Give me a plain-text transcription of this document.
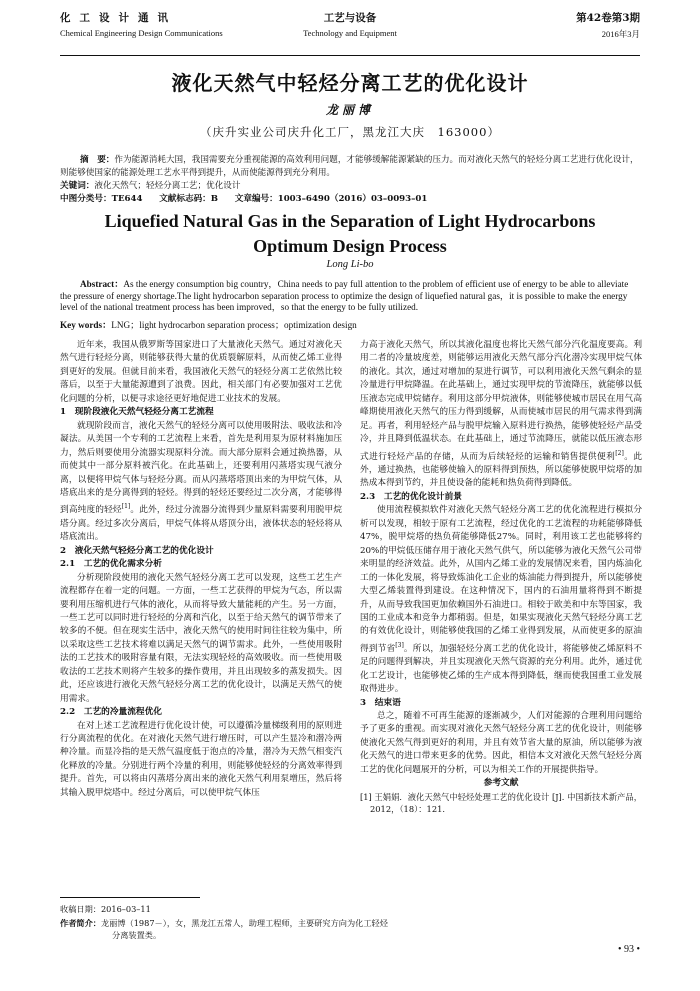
化工设计通讯
Chemical Engineering Design Communications
工艺与设备
Technology and Equipment
第42卷第3期
2016年3月
液化天然气中轻烃分离工艺的优化设计
龙丽博
（庆升实业公司庆升化工厂，黑龙江大庆　163000）
摘　要：作为能源消耗大国，我国需要充分重视能源的高效利用问题，才能够缓解能源紧缺的压力。而对液化天然气的轻烃分离工艺进行优化设计，则能够使国家的能源处理工艺水平得到提升，从而使能源得到充分利用。
关键词：液化天然气；轻烃分离工艺；优化设计
中图分类号：TE644 文献标志码：B 文章编号：1003–6490（2016）03–0093–01
Liquefied Natural Gas in the Separation of Light Hydrocarbons
Optimum Design Process
Long Li-bo
Abstract：As the energy consumption big country，China needs to pay full attention to the problem of efficient use of energy to be able to alleviate the pressure of energy shortage.The light hydrocarbon separation process to optimize the design of liquefied natural gas，it is possible to make the energy level of the national treatment process has been improved，so that the energy to be fully utilized.
Key words：LNG；light hydrocarbon separation process；optimization design

近年来，我国从俄罗斯等国家进口了大量液化天然气。通过对液化天然气进行轻烃分离，则能够获得大量的优质裂解原料，从而使乙烯工业得到更好的发展。但就目前来看，我国液化天然气的轻烃分离工艺依然比较落后，以至于大量能源遭到了浪费。因此，相关部门有必要加强对工艺优化问题的分析，以便寻求途径更好地促进工业技术的发展。

1　现阶段液化天然气轻烃分离工艺流程

就现阶段而言，液化天然气的轻烃分离可以使用吸附法、吸收法和冷凝法。从美国一个专利的工艺流程上来看，首先是利用泵为原材料施加压力，然后则要使用分流器实现原料分流。而大部分原料会通过换热器，从而使其中一部分原料被汽化。在此基础上，还要利用闪蒸塔实现气液分离，以便将甲烷气体与轻烃分离。而从闪蒸塔塔顶出来的为甲烷气体，从塔底出来的是分离得到的轻烃。得到的轻烃还要经过二次分离，才能够得到高纯度的轻烃[1]。此外，经过分流器分流得到少量原料需要利用脱甲烷塔分离。经过多次分离后，甲烷气体将从塔顶分出，液体状态的轻烃将从塔底流出。

2　液化天然气轻烃分离工艺的优化设计

2.1　工艺的优化需求分析

分析现阶段使用的液化天然气轻烃分离工艺可以发现，这些工艺生产流程都存在着一定的问题。一方面，一些工艺获得的甲烷为气态，所以需要利用压缩机进行气体的液化，从而将导致大量能耗的产生。另一方面，一些工艺可以同时进行轻烃的分离和汽化，以至于给天然气的调节带来了较多的不便。但在现实生活中，液化天然气的使用时间往往较为集中，所以采取这些工艺技术将难以满足天然气的调节需求。此外，一些使用吸附法的工艺技术的吸附容量有限，无法实现轻烃的高效吸收。而一些使用吸收法的工艺技术则将产生较多的操作费用，并且出现较多的蒸发损失。因此，还应该进行液化天然气轻烃分离工艺的优化设计，以满足天然气的使用需求。

2.2　工艺的冷量流程优化

在对上述工艺流程进行优化设计使，可以遵循冷量梯级利用的原则进行分离流程的优化。在对液化天然气进行增压时，可以产生显冷和潜冷两种冷量。而显冷指的是天然气温度低于泡点的冷量，潜冷为天然气相变汽化释放的冷量。分别进行两个冷量的利用，则能够使轻烃的分离效率得到提升。首先，可以将由闪蒸塔分离出来的液化天然气利用泵增压，然后将其输入脱甲烷塔中。经过分离后，可以使甲烷气体压

力高于液化天然气，所以其液化温度也将比天然气部分汽化温度要高。利用二者的冷量坡度差，则能够运用液化天然气部分汽化潜冷实现甲烷气体的液化。其次，通过对增加的泵进行调节，可以利用液化天然气剩余的显冷量进行甲烷降温。在此基础上，通过实现甲烷的节流降压，就能够以低压液态完成甲烷储存。利用这部分甲烷液体，则能够使城市居民在用气高峰期使用液化天然气的压力得到缓解，从而使城市居民的用气需求得到满足。再者，利用轻烃产品与脱甲烷输入原料进行换热，能够使轻烃产品受冷，并且降到低温状态。在此基础上，通过节流降压，就能以低压液态形式进行轻烃产品的存储，从而为后续轻烃的运输和销售提供便利[2]。此外，通过换热，也能够使输入的原料得到预热，所以能够使脱甲烷塔的加热成本得到节约，并且使设备的能耗和热负荷得到降低。

2.3　工艺的优化设计前景

使用流程模拟软件对液化天然气轻烃分离工艺的优化流程进行模拟分析可以发现，相较于原有工艺流程，经过优化的工艺流程的功耗能够降低47%，脱甲烷塔的热负荷能够降低27%。同时，利用该工艺也能够将约20%的甲烷低压储存用于液化天然气供气，所以能够为液化天然气公司带来明显的经济效益。此外，从国内乙烯工业的发展情况来看，国内炼油化工的一体化发展，将导致炼油化工企业的炼油能力得到提升，所以能够使大型乙烯装置得到建设。在这种情况下，国内的石油用量将得到不断提升，从而导致我国更加依赖国外石油进口。相较于欧美和中东等国家，我国的工业成本和竞争力都稍弱。但是，如果实现液化天然气轻烃分离工艺的有效优化设计，则能够使我国的乙烯工业得到发展，从而使更多的原油得到节省[3]。所以，加强轻烃分离工艺的优化设计，将能够使乙烯原料不足的问题得到解决，并且实现液化天然气资源的充分利用。此外，通过优化工艺设计，也能够使乙烯的生产成本得到降低，继而使我国重工业发展取得进步。

3　结束语

总之，随着不可再生能源的逐渐减少，人们对能源的合理利用问题给予了更多的重视。而实现对液化天然气轻烃分离工艺的优化设计，则能够使液化天然气得到更好的利用，并且有效节省大量的原油，所以能够为液化天然气的进口带来更多的优势。因此，相信本文对液化天然气轻烃分离工艺的优化问题展开的分析，可以为相关工作的开展提供指导。

参考文献

[1] 王娟娟．液化天然气中轻烃处理工艺的优化设计 [J]. 中国新技术新产品，2012，（18）：121.

收稿日期：2016–03–11
作者简介：龙丽博（1987－），女，黑龙江五常人，助理工程师，主要研究方向为化工轻烃分离装置类。
• 93 •
